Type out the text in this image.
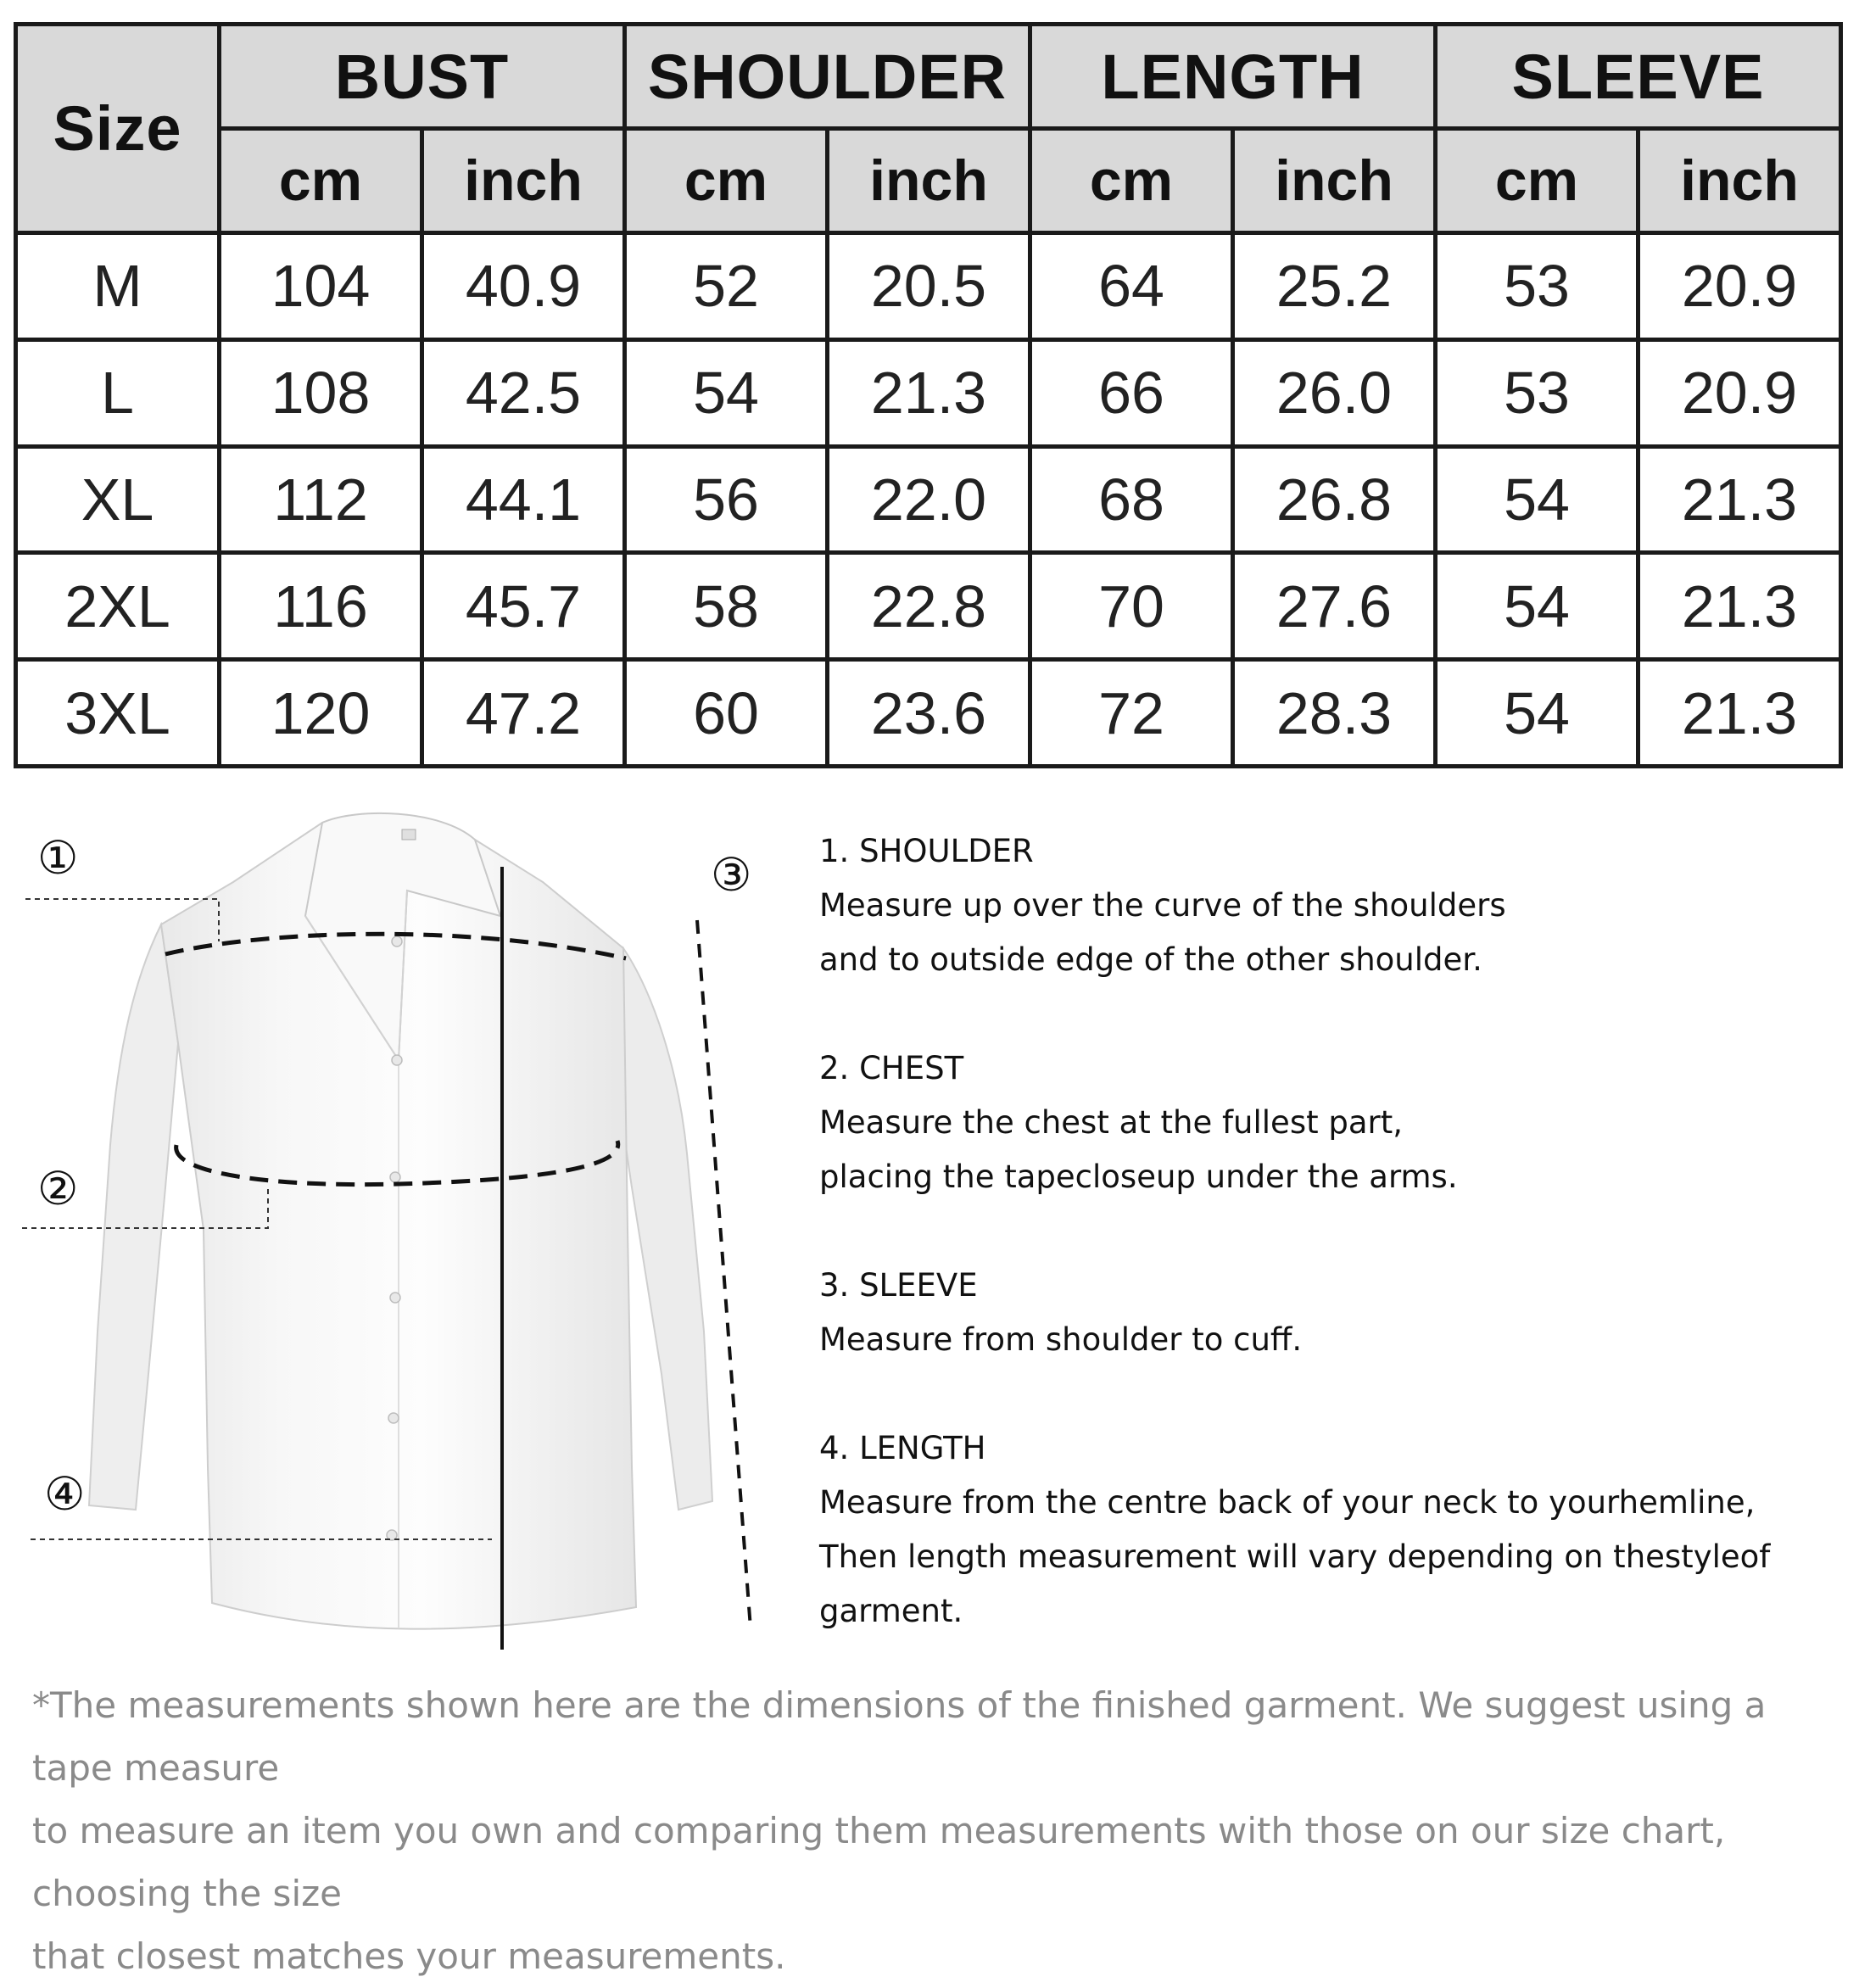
Size	BUST		SHOULDER		LENGTH		SLEEVE	
	cm	inch	cm	inch	cm	inch	cm	inch
M	104	40.9	52	20.5	64	25.2	53	20.9
L	108	42.5	54	21.3	66	26.0	53	20.9
XL	112	44.1	56	22.0	68	26.8	54	21.3
2XL	116	45.7	58	22.8	70	27.6	54	21.3
3XL	120	47.2	60	23.6	72	28.3	54	21.3
①
②
③
④

1. SHOULDER

Measure up over the curve of the shoulders

and to outside edge of the other shoulder.

2. CHEST

Measure the chest at the fullest part,

placing the tapecloseup under the arms.

3. SLEEVE

Measure from shoulder to cuff.

4. LENGTH

Measure from the centre back of your neck to yourhemline,

Then length measurement will vary depending on thestyleof garment.

*The measurements shown here are the dimensions of the finished garment. We suggest using a tape measure

to measure an item you own and comparing them measurements with those on our size chart, choosing the size

that closest matches your measurements.
